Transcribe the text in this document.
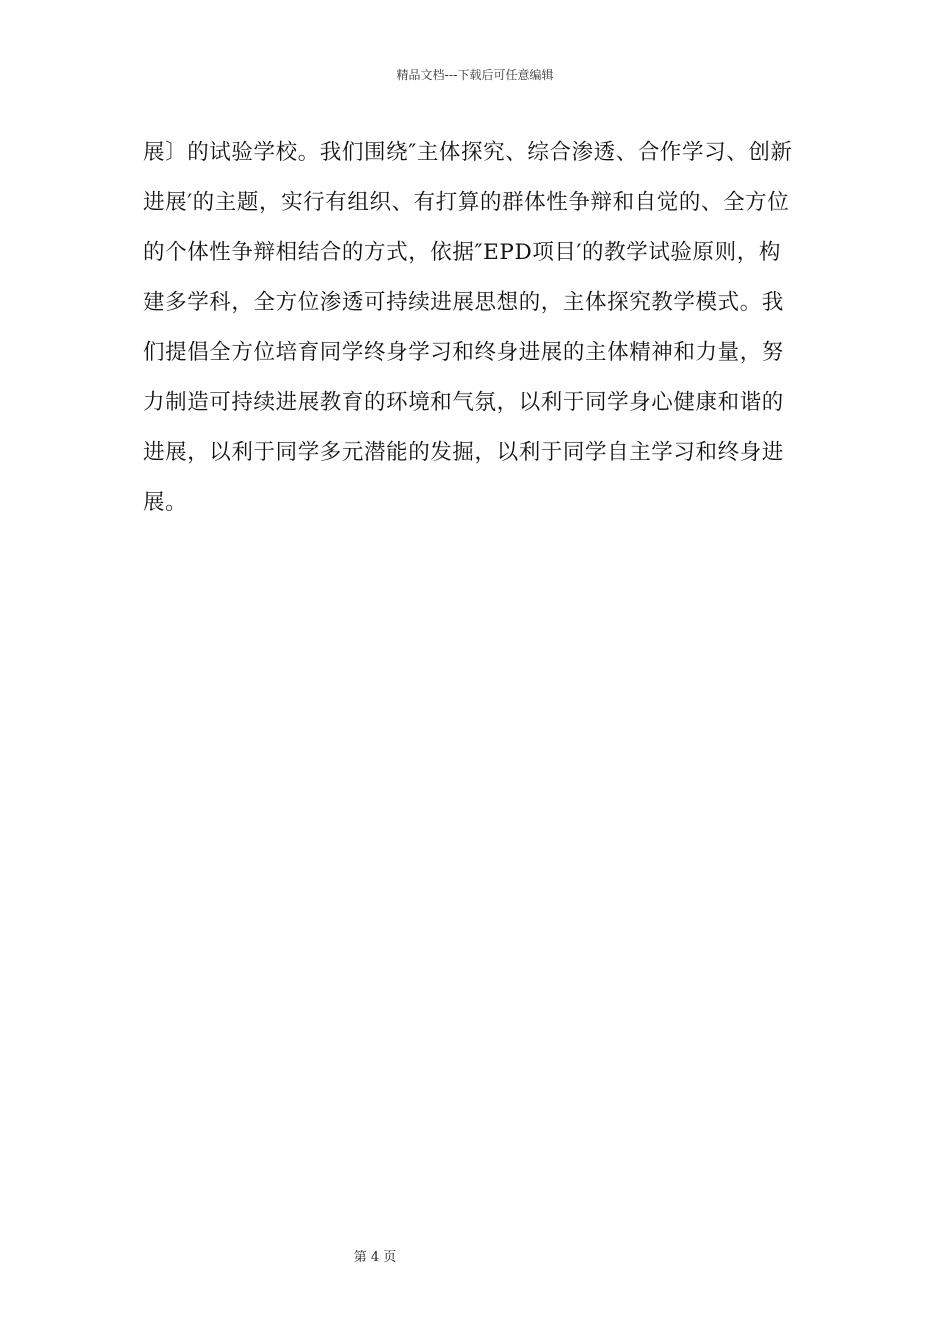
精品文档---下载后可任意编辑
展〕的试验学校。我们围绕″主体探究、综合渗透、合作学习、创新
进展′的主题，实行有组织、有打算的群体性争辩和自觉的、全方位
的个体性争辩相结合的方式，依据″EPD项目′的教学试验原则，构
建多学科，全方位渗透可持续进展思想的，主体探究教学模式。我
们提倡全方位培育同学终身学习和终身进展的主体精神和力量，努
力制造可持续进展教育的环境和气氛，以利于同学身心健康和谐的
进展，以利于同学多元潜能的发掘，以利于同学自主学习和终身进
展。
第 4 页
